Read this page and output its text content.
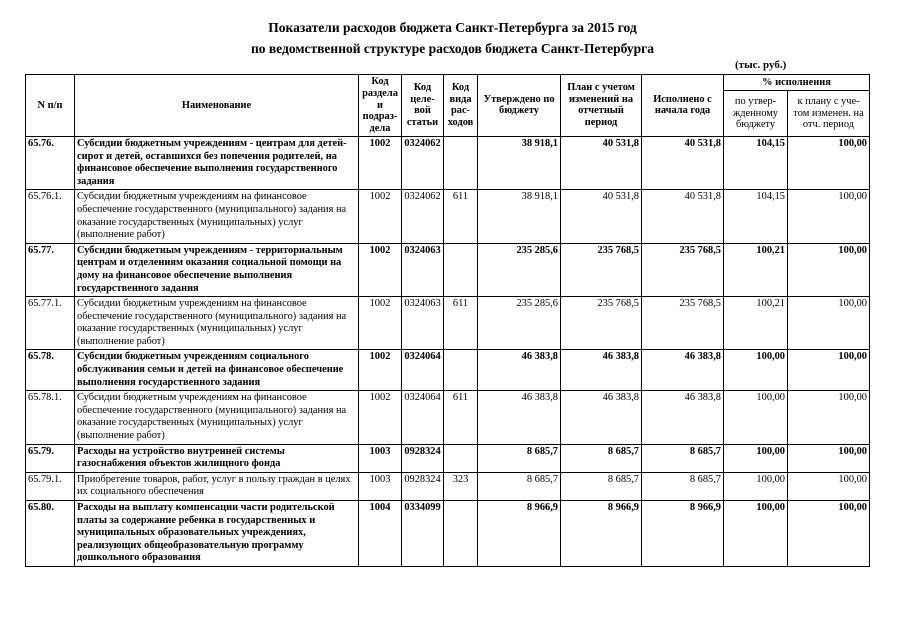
Показатели расходов бюджета Санкт-Петербурга за 2015 год
по ведомственной структуре расходов бюджета Санкт-Петербурга
(тыс. руб.)
N п/п	Наименование	Код раздела и подраз-дела	Код целе-вой статьи	Код вида рас-ходов	Утверждено по бюджету	План с учетом изменений на отчетный период	Исполнено с начала года	% исполнения	
								по утвер-жденному бюджету	к плану с уче-том изменен. на отч. период
65.76.	Субсидии бюджетным учреждениям - центрам для детей-сирот и детей, оставшихся без попечения родителей, на финансовое обеспечение выполнения государственного задания	1002	0324062		38 918,1	40 531,8	40 531,8	104,15	100,00
65.76.1.	Субсидии бюджетным учреждениям на финансовое обеспечение государственного (муниципального) задания на оказание государственных (муниципальных) услуг (выполнение работ)	1002	0324062	611	38 918,1	40 531,8	40 531,8	104,15	100,00
65.77.	Субсидии бюджетным учреждениям - территориальным центрам и отделениям оказания социальной помощи на дому на финансовое обеспечение выполнения государственного задания	1002	0324063		235 285,6	235 768,5	235 768,5	100,21	100,00
65.77.1.	Субсидии бюджетным учреждениям на финансовое обеспечение государственного (муниципального) задания на оказание государственных (муниципальных) услуг (выполнение работ)	1002	0324063	611	235 285,6	235 768,5	235 768,5	100,21	100,00
65.78.	Субсидии бюджетным учреждениям социального обслуживания семьи и детей на финансовое обеспечение выполнения государственного задания	1002	0324064		46 383,8	46 383,8	46 383,8	100,00	100,00
65.78.1.	Субсидии бюджетным учреждениям на финансовое обеспечение государственного (муниципального) задания на оказание государственных (муниципальных) услуг (выполнение работ)	1002	0324064	611	46 383,8	46 383,8	46 383,8	100,00	100,00
65.79.	Расходы на устройство внутренней системы газоснабжения объектов жилищного фонда	1003	0928324		8 685,7	8 685,7	8 685,7	100,00	100,00
65.79.1.	Приобретение товаров, работ, услуг в пользу граждан в целях их социального обеспечения	1003	0928324	323	8 685,7	8 685,7	8 685,7	100,00	100,00
65.80.	Расходы на выплату компенсации части родительской платы за содержание ребенка в государственных и муниципальных образовательных учреждениях, реализующих общеобразовательную программу дошкольного образования	1004	0334099		8 966,9	8 966,9	8 966,9	100,00	100,00
